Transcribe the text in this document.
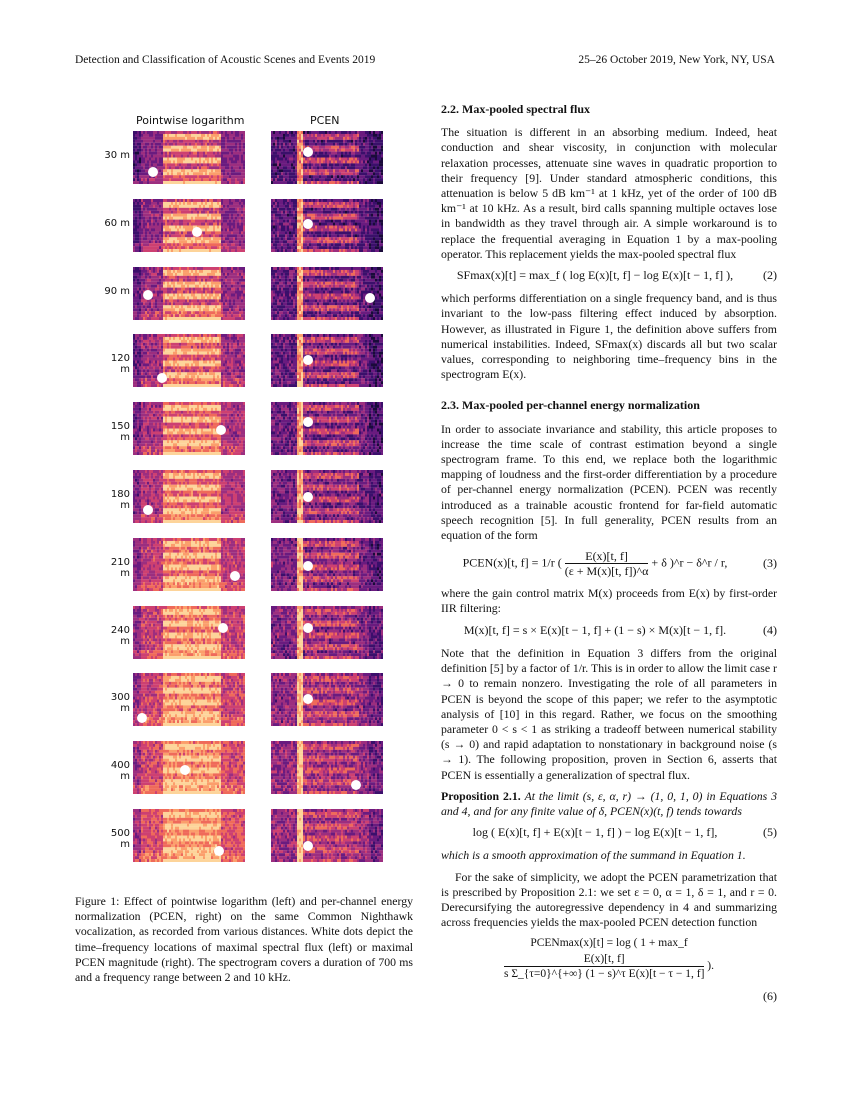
Detection and Classification of Acoustic Scenes and Events 2019	25–26 October 2019, New York, NY, USA
Pointwise logarithm	PCEN
30 m
60 m
90 m
120 m
150 m
180 m
210 m
240 m
300 m
400 m
500 m
Figure 1: Effect of pointwise logarithm (left) and per-channel energy normalization (PCEN, right) on the same Common Nighthawk vocalization, as recorded from various distances. White dots depict the time–frequency locations of maximal spectral flux (left) or maximal PCEN magnitude (right). The spectrogram covers a duration of 700 ms and a frequency range between 2 and 10 kHz.
2.2. Max-pooled spectral flux

The situation is different in an absorbing medium. Indeed, heat conduction and shear viscosity, in conjunction with molecular relaxation processes, attenuate sine waves in quadratic proportion to their frequency [9]. Under standard atmospheric conditions, this attenuation is below 5 dB km⁻¹ at 1 kHz, yet of the order of 100 dB km⁻¹ at 10 kHz. As a result, bird calls spanning multiple octaves lose in bandwidth as they travel through air. A simple workaround is to replace the frequential averaging in Equation 1 by a max-pooling operator. This replacement yields the max-pooled spectral flux

SFmax(x)[t] = max_f ( log E(x)[t, f] − log E(x)[t − 1, f] ),	(2)

which performs differentiation on a single frequency band, and is thus invariant to the low-pass filtering effect induced by absorption. However, as illustrated in Figure 1, the definition above suffers from numerical instabilities. Indeed, SFmax(x) discards all but two scalar values, corresponding to neighboring time–frequency bins in the spectrogram E(x).

2.3. Max-pooled per-channel energy normalization

In order to associate invariance and stability, this article proposes to increase the time scale of contrast estimation beyond a single spectrogram frame. To this end, we replace both the logarithmic mapping of loudness and the first-order differentiation by a procedure of per-channel energy normalization (PCEN). PCEN was recently introduced as a trainable acoustic frontend for far-field automatic speech recognition [5]. In full generality, PCEN results from an equation of the form

PCEN(x)[t, f] = 1/r ( $\frac{E(x)[t, f]}{(\varepsilon + M(x)[t, f])\^{}\alpha} + \delta$ )^r − δ^r / r,	(3)

where the gain control matrix M(x) proceeds from E(x) by first-order IIR filtering:

M(x)[t, f] = s × E(x)[t − 1, f] + (1 − s) × M(x)[t − 1, f].	(4)

Note that the definition in Equation 3 differs from the original definition [5] by a factor of 1/r. This is in order to allow the limit case r → 0 to remain nonzero. Investigating the role of all parameters in PCEN is beyond the scope of this paper; we refer to the asymptotic analysis of [10] in this regard. Rather, we focus on the smoothing parameter 0 < s < 1 as striking a tradeoff between numerical stability (s → 0) and rapid adaptation to nonstationary in background noise (s → 1). The following proposition, proven in Section 6, asserts that PCEN is essentially a generalization of spectral flux.

Proposition 2.1. At the limit (s, ε, α, r) → (1, 0, 1, 0) in Equations 3 and 4, and for any finite value of δ, PCEN(x)(t, f) tends towards

log ( E(x)[t, f] + E(x)[t − 1, f] ) − log E(x)[t − 1, f],	(5)

which is a smooth approximation of the summand in Equation 1.

For the sake of simplicity, we adopt the PCEN parametrization that is prescribed by Proposition 2.1: we set ε = 0, α = 1, δ = 1, and r = 0. Derecursifying the autoregressive dependency in 4 and summarizing across frequencies yields the max-pooled PCEN detection function

PCENmax(x)[t] = log ( 1 + max_f
$\frac{E(x)[t, f]}{\text{s Σ\_\{τ=0\}\textasciicircum{}\{+∞\} (1 − s)\textasciicircum{}τ E(x)[t − τ − 1, f]}}$ ).
(6)
